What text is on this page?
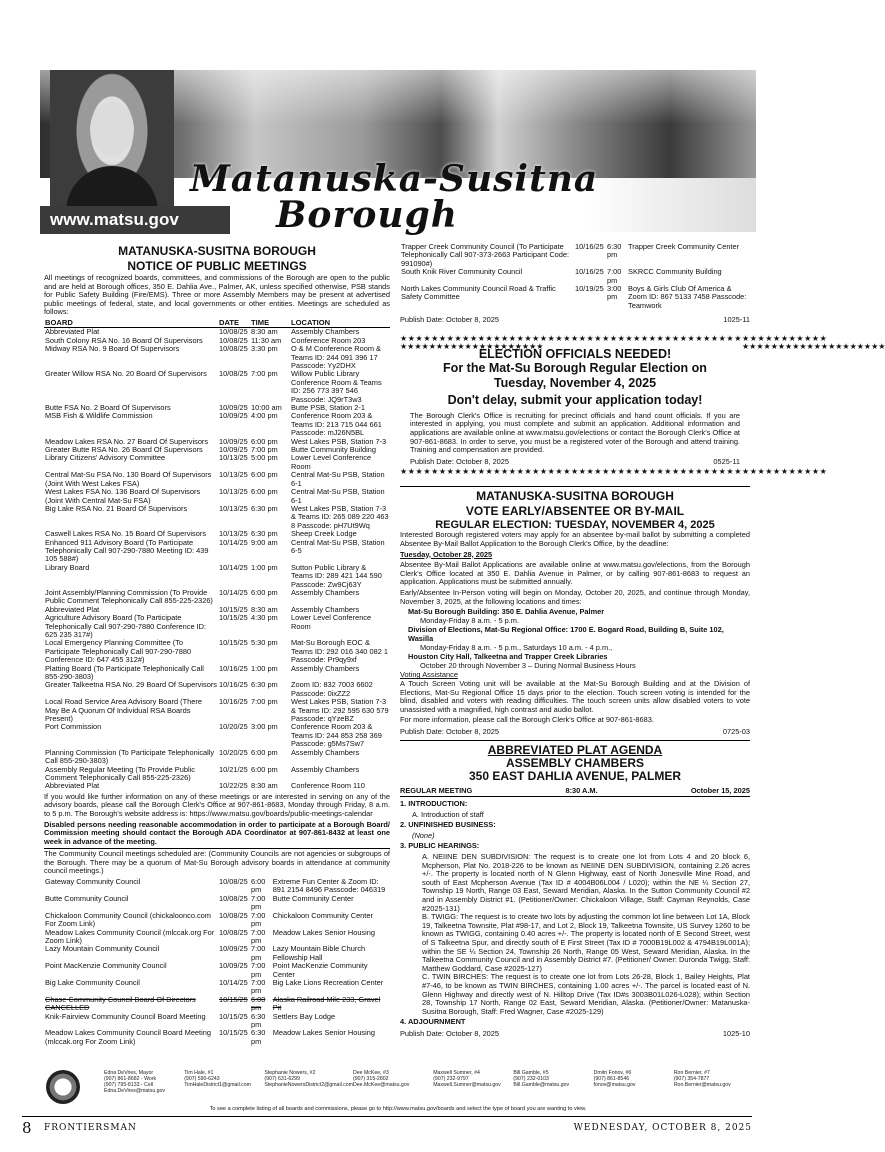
Matanuska-Susitna
Borough
www.matsu.gov
MATANUSKA-SUSITNA BOROUGH
NOTICE OF PUBLIC MEETINGS

All meetings of recognized boards, committees, and commissions of the Borough are open to the public and are held at Borough offices, 350 E. Dahlia Ave., Palmer, AK, unless specified otherwise, PSB stands for Public Safety Building (Fire/EMS). Three or more Assembly Members may be present at advertised public meetings of federal, state, and local governments or other entities. Meetings are scheduled as follows:

BOARD	DATE	TIME	LOCATION
Abbreviated Plat	10/08/25	8:30 am	Assembly Chambers
South Colony RSA No. 16 Board Of Supervisors	10/08/25	11:30 am	Conference Room 203
Midway RSA No. 9 Board Of Supervisors	10/08/25	3:30 pm	O & M Conference Room & Teams ID: 244 091 396 17 Passcode: Yy2DHX
Greater Willow RSA No. 20 Board Of Supervisors	10/08/25	7:00 pm	Willow Public Library Conference Room & Teams ID: 256 773 397 546 Passcode: JQ9rT3w3
Butte FSA No. 2 Board Of Supervisors	10/09/25	10:00 am	Butte PSB, Station 2-1
MSB Fish & Wildlife Commission	10/09/25	4:00 pm	Conference Room 203 & Teams ID: 213 715 044 661 Passcode: mJ26N5BL
Meadow Lakes RSA No. 27 Board Of Supervisors	10/09/25	6:00 pm	West Lakes PSB, Station 7-3
Greater Butte RSA No. 26 Board Of Supervisors	10/09/25	7:00 pm	Butte Community Building
Library Citizens' Advisory Committee	10/13/25	5:00 pm	Lower Level Conference Room
Central Mat-Su FSA No. 130 Board Of Supervisors (Joint With West Lakes FSA)	10/13/25	6:00 pm	Central Mat-Su PSB, Station 6-1
West Lakes FSA No. 136 Board Of Supervisors (Joint With Central Mat-Su FSA)	10/13/25	6:00 pm	Central Mat-Su PSB, Station 6-1
Big Lake RSA No. 21 Board Of Supervisors	10/13/25	6:30 pm	West Lakes PSB, Station 7-3 & Teams ID: 265 089 220 463 8 Passcode: pH7Ut9Wq
Caswell Lakes RSA No. 15 Board Of Supervisors	10/13/25	6:30 pm	Sheep Creek Lodge
Enhanced 911 Advisory Board (To Participate Telephonically Call 907-290-7880 Meeting ID: 439 105 588#)	10/14/25	9:00 am	Central Mat-Su PSB, Station 6-5
Library Board	10/14/25	1:00 pm	Sutton Public Library & Teams ID: 289 421 144 590 Passcode: Zw9Cj63Y
Joint Assembly/Planning Commission (To Provide Public Comment Telephonically Call 855-225-2326)	10/14/25	6:00 pm	Assembly Chambers
Abbreviated Plat	10/15/25	8:30 am	Assembly Chambers
Agriculture Advisory Board (To Participate Telephonically Call 907-290-7880 Conference ID: 625 235 317#)	10/15/25	4:30 pm	Lower Level Conference Room
Local Emergency Planning Committee (To Participate Telephonically Call 907-290-7880 Conference ID: 647 455 312#)	10/15/25	5:30 pm	Mat-Su Borough EOC & Teams ID: 292 016 340 082 1 Passcode: Pr9qy9xf
Platting Board (To Participate Telephonically Call 855-290-3803)	10/16/25	1:00 pm	Assembly Chambers
Greater Talkeetna RSA No. 29 Board Of Supervisors	10/16/25	6:30 pm	Zoom ID: 832 7003 6602 Passcode: 0ixZZ2
Local Road Service Area Advisory Board (There May Be A Quorum Of Individual RSA Boards Present)	10/16/25	7:00 pm	West Lakes PSB, Station 7-3 & Teams ID: 292 595 630 579 Passcode: qYzeBZ
Port Commission	10/20/25	3:00 pm	Conference Room 203 & Teams ID: 244 853 258 369 Passcode: g5Ms7Sw7
Planning Commission (To Participate Telephonically Call 855-290-3803)	10/20/25	6:00 pm	Assembly Chambers
Assembly Regular Meeting (To Provide Public Comment Telephonically Call 855-225-2326)	10/21/25	6:00 pm	Assembly Chambers
Abbreviated Plat	10/22/25	8:30 am	Conference Room 110

If you would like further information on any of these meetings or are interested in serving on any of the advisory boards, please call the Borough Clerk's Office at 907-861-8683, Monday through Friday, 8 a.m. to 5 p.m. The Borough's website address is: https://www.matsu.gov/boards/public-meetings-calendar

Disabled persons needing reasonable accommodation in order to participate at a Borough Board/ Commission meeting should contact the Borough ADA Coordinator at 907-861-8432 at least one week in advance of the meeting.

The Community Council meetings scheduled are: (Community Councils are not agencies or subgroups of the Borough. There may be a quorum of Mat-Su Borough advisory boards in attendance at community council meetings.)

Gateway Community Council	10/08/25	6:00 pm	Extreme Fun Center & Zoom ID: 891 2154 8496 Passcode: 046319
Butte Community Council	10/08/25	7:00 pm	Butte Community Center
Chickaloon Community Council (chickaloonco.com For Zoom Link)	10/08/25	7:00 pm	Chickaloon Community Center
Meadow Lakes Community Council (mlccak.org For Zoom Link)	10/08/25	7:00 pm	Meadow Lakes Senior Housing
Lazy Mountain Community Council	10/09/25	7:00 pm	Lazy Mountain Bible Church Fellowship Hall
Point MacKenzie Community Council	10/09/25	7:00 pm	Point MacKenzie Community Center
Big Lake Community Council	10/14/25	7:00 pm	Big Lake Lions Recreation Center
Chase Community Council Board Of Directors CANCELLED	10/15/25	6:00 pm	Alaska Railroad Mile 233, Gravel Pit
Knik-Fairview Community Council Board Meeting	10/15/25	6:30 pm	Settlers Bay Lodge
Meadow Lakes Community Council Board Meeting (mlccak.org For Zoom Link)	10/15/25	6:30 pm	Meadow Lakes Senior Housing
Trapper Creek Community Council (To Participate Telephonically Call 907-373-2663 Participant Code: 991090#)	10/16/25	6:30 pm	Trapper Creek Community Center
South Knik River Community Council	10/16/25	7:00 pm	SKRCC Community Building
North Lakes Community Council Road & Traffic Safety Committee	10/19/25	3:00 pm	Boys & Girls Club Of America & Zoom ID: 867 5133 7458 Passcode: Teamwork
Publish Date: October 8, 2025	1025-11
★★★★★★★★★★★★★★★★★★★★★★★★★★★★★★★★★★★★★★★★★★★★★★★★★★★★★★★
★★★★★★★★★★★★★★★★★★★★	★★★★★★★★★★★★★★★★★★★★
ELECTION OFFICIALS NEEDED!
For the Mat-Su Borough Regular Election on
Tuesday, November 4, 2025
Don't delay, submit your application today!

The Borough Clerk's Office is recruiting for precinct officials and hand count officials. If you are interested in applying, you must complete and submit an application. Additional information and applications are available online at www.matsu.gov/elections or contact the Borough Clerk's Office at 907-861-8683. In order to serve, you must be a registered voter of the Borough and attend training. Training and compensation are provided.

Publish Date: October 8, 2025	0525-11
★★★★★★★★★★★★★★★★★★★★★★★★★★★★★★★★★★★★★★★★★★★★★★★★★★★★★★★
MATANUSKA-SUSITNA BOROUGH
VOTE EARLY/ABSENTEE OR BY-MAIL
REGULAR ELECTION: TUESDAY, NOVEMBER 4, 2025

Interested Borough registered voters may apply for an absentee by-mail ballot by submitting a completed Absentee By-Mail Ballot Application to the Borough Clerk's Office, by the deadline:

Tuesday, October 28, 2025

Absentee By-Mail Ballot Applications are available online at www.matsu.gov/elections, from the Borough Clerk's Office located at 350 E. Dahlia Avenue in Palmer, or by calling 907-861-8683 to request an application. Applications must be submitted annually.

Early/Absentee In-Person voting will begin on Monday, October 20, 2025, and continue through Monday, November 3, 2025, at the following locations and times:

Mat-Su Borough Building: 350 E. Dahlia Avenue, Palmer
Monday-Friday 8 a.m. - 5 p.m.
Division of Elections, Mat-Su Regional Office: 1700 E. Bogard Road, Building B, Suite 102, Wasilla
Monday-Friday 8 a.m. - 5 p.m., Saturdays 10 a.m. - 4 p.m.,
Houston City Hall, Talkeetna and Trapper Creek Libraries
October 20 through November 3 – During Normal Business Hours
Voting Assistance

A Touch Screen Voting unit will be available at the Mat-Su Borough Building and at the Division of Elections, Mat-Su Regional Office 15 days prior to the election. Touch screen voting is intended for the blind, disabled and voters with reading difficulties. The touch screen units allow disabled voters to vote unassisted with a magnified, high contrast and audio ballot.

For more information, please call the Borough Clerk's Office at 907-861-8683.

Publish Date: October 8, 2025	0725-03
ABBREVIATED PLAT AGENDA
ASSEMBLY CHAMBERS
350 EAST DAHLIA AVENUE, PALMER
REGULAR MEETING	8:30 A.M.	October 15, 2025
1. INTRODUCTION:
A. Introduction of staff
2. UNFINISHED BUSINESS:
(None)
3. PUBLIC HEARINGS:
A. NEIINE DEN SUBDIVISION: The request is to create one lot from Lots 4 and 20 block 6, Mcpherson, Plat No. 2018-226 to be known as NEIINE DEN SUBDIVISION, containing 2.26 acres +/-. The property is located north of N Glenn Highway, east of North Jonesville Mine Road, and south of East Mcpherson Avenue (Tax ID # 4004B06L004 / L020); within the NE ¼ Section 27, Township 19 North, Range 03 East, Seward Meridian, Alaska. In the Sutton Community Council #2 and in Assembly District #1. (Petitioner/Owner: Chickaloon Village, Staff: Cayman Reynolds, Case #2025-131)
B. TWIGG: The request is to create two lots by adjusting the common lot line between Lot 1A, Block 19, Talkeetna Townsite, Plat #98-17, and Lot 2, Block 19, Talkeetna Townsite, US Survey 1260 to be known as TWIGG, containing 0.40 acres +/-. The property is located north of E Second Street, west of S Talkeetna Spur, and directly south of E First Street (Tax ID # 7000B19L002 & 4794B19L001A); within the SE ¼ Section 24, Township 26 North, Range 05 West, Seward Meridian, Alaska. In the Talkeetna Community Council and in Assembly District #7. (Petitioner/ Owner: Duronda Twigg, Staff: Matthew Goddard, Case #2025-127)
C. TWIN BIRCHES: The request is to create one lot from Lots 26-28, Block 1, Bailey Heights, Plat #7-46, to be known as TWIN BIRCHES, containing 1.00 acres +/-. The parcel is located east of N. Glenn Highway and directly west of N. Hilltop Drive (Tax ID#s 3003B01L026-L028); within Section 28, Township 17 North, Range 02 East, Seward Meridian, Alaska. (Petitioner/Owner: Matanuska-Susitna Borough, Staff: Fred Wagner, Case #2025-129)
4. ADJOURNMENT
Publish Date: October 8, 2025	1025-10
Edna DeVries, Mayor
(907) 861-8682 - Work
(907) 795-8133 - Cell
Edna.DeVries@matsu.gov
Tim Hale, #1
(907) 590-6243
TimHaleDistrict1@gmail.com
Stephanie Nowers, #2
(907) 631-6299
StephanieNowersDistrict2@gmail.com
Dee McKee, #3
(907) 315-2802
Dee.McKee@matsu.gov
Maxwell Sumner, #4
(907) 232-9797
Maxwell.Sumner@matsu.gov
Bill Gamble, #5
(907) 232-0103
Bill.Gamble@matsu.gov
Dmitri Fonov, #6
(907) 861-8546
fonov@matsu.gov
Ron Bernier, #7
(907) 354-7877
Ron.Bernier@matsu.gov
To see a complete listing of all boards and commissions, please go to http://www.matsu.gov/boards and select the type of board you are wanting to view.
8 FRONTIERSMAN	WEDNESDAY, OCTOBER 8, 2025
